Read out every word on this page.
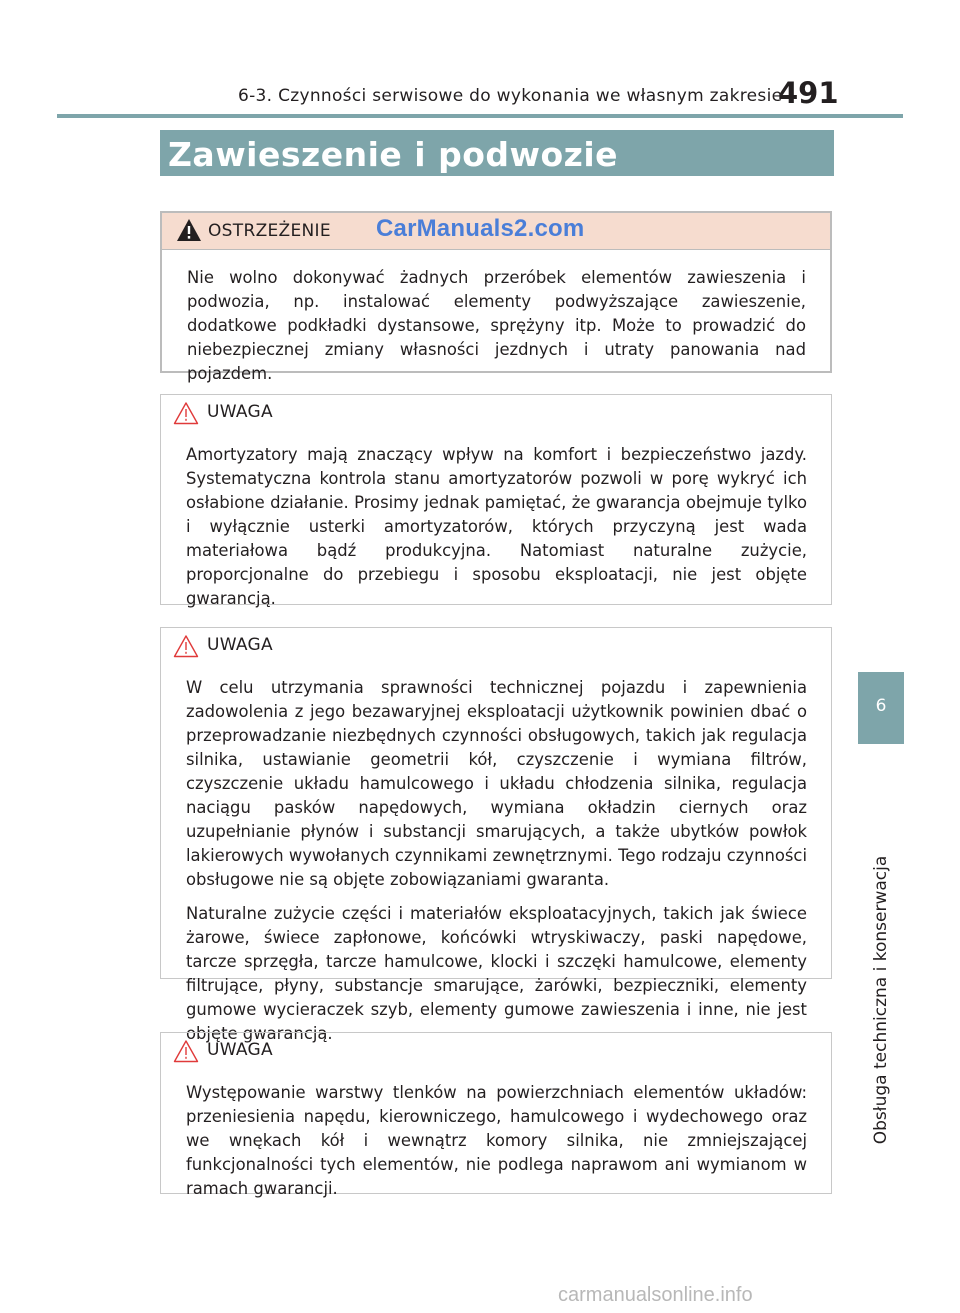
6-3. Czynności serwisowe do wykonania we własnym zakresie
491
6
Obsługa techniczna i konserwacja
Zawieszenie i podwozie
OSTRZEŻENIE CarManuals2.com

Nie wolno dokonywać żadnych przeróbek elementów zawieszenia i podwozia, np. instalować elementy podwyższające zawieszenie, dodatkowe podkładki dystansowe, sprężyny itp. Może to prowadzić do niebezpiecznej zmiany własności jezdnych i utraty panowania nad pojazdem.

UWAGA

Amortyzatory mają znaczący wpływ na komfort i bezpieczeństwo jazdy. Systematyczna kontrola stanu amortyzatorów pozwoli w porę wykryć ich osłabione działanie. Prosimy jednak pamiętać, że gwarancja obejmuje tylko i wyłącznie usterki amortyzatorów, których przyczyną jest wada materiałowa bądź produkcyjna. Natomiast naturalne zużycie, proporcjonalne do przebiegu i sposobu eksploatacji, nie jest objęte gwarancją.

UWAGA

W celu utrzymania sprawności technicznej pojazdu i zapewnienia zadowolenia z jego bezawaryjnej eksploatacji użytkownik powinien dbać o przeprowadzanie niezbędnych czynności obsługowych, takich jak regulacja silnika, ustawianie geometrii kół, czyszczenie i wymiana filtrów, czyszczenie układu hamulcowego i układu chłodzenia silnika, regulacja naciągu pasków napędowych, wymiana okładzin ciernych oraz uzupełnianie płynów i substancji smarujących, a także ubytków powłok lakierowych wywołanych czynnikami zewnętrznymi. Tego rodzaju czynności obsługowe nie są objęte zobowiązaniami gwaranta.

Naturalne zużycie części i materiałów eksploatacyjnych, takich jak świece żarowe, świece zapłonowe, końcówki wtryskiwaczy, paski napędowe, tarcze sprzęgła, tarcze hamulcowe, klocki i szczęki hamulcowe, elementy filtrujące, płyny, substancje smarujące, żarówki, bezpieczniki, elementy gumowe wycieraczek szyb, elementy gumowe zawieszenia i inne, nie jest objęte gwarancją.

UWAGA

Występowanie warstwy tlenków na powierzchniach elementów układów: przeniesienia napędu, kierowniczego, hamulcowego i wydechowego oraz we wnękach kół i wewnątrz komory silnika, nie zmniejszającej funkcjonalności tych elementów, nie podlega naprawom ani wymianom w ramach gwarancji.

carmanualsonline.info
